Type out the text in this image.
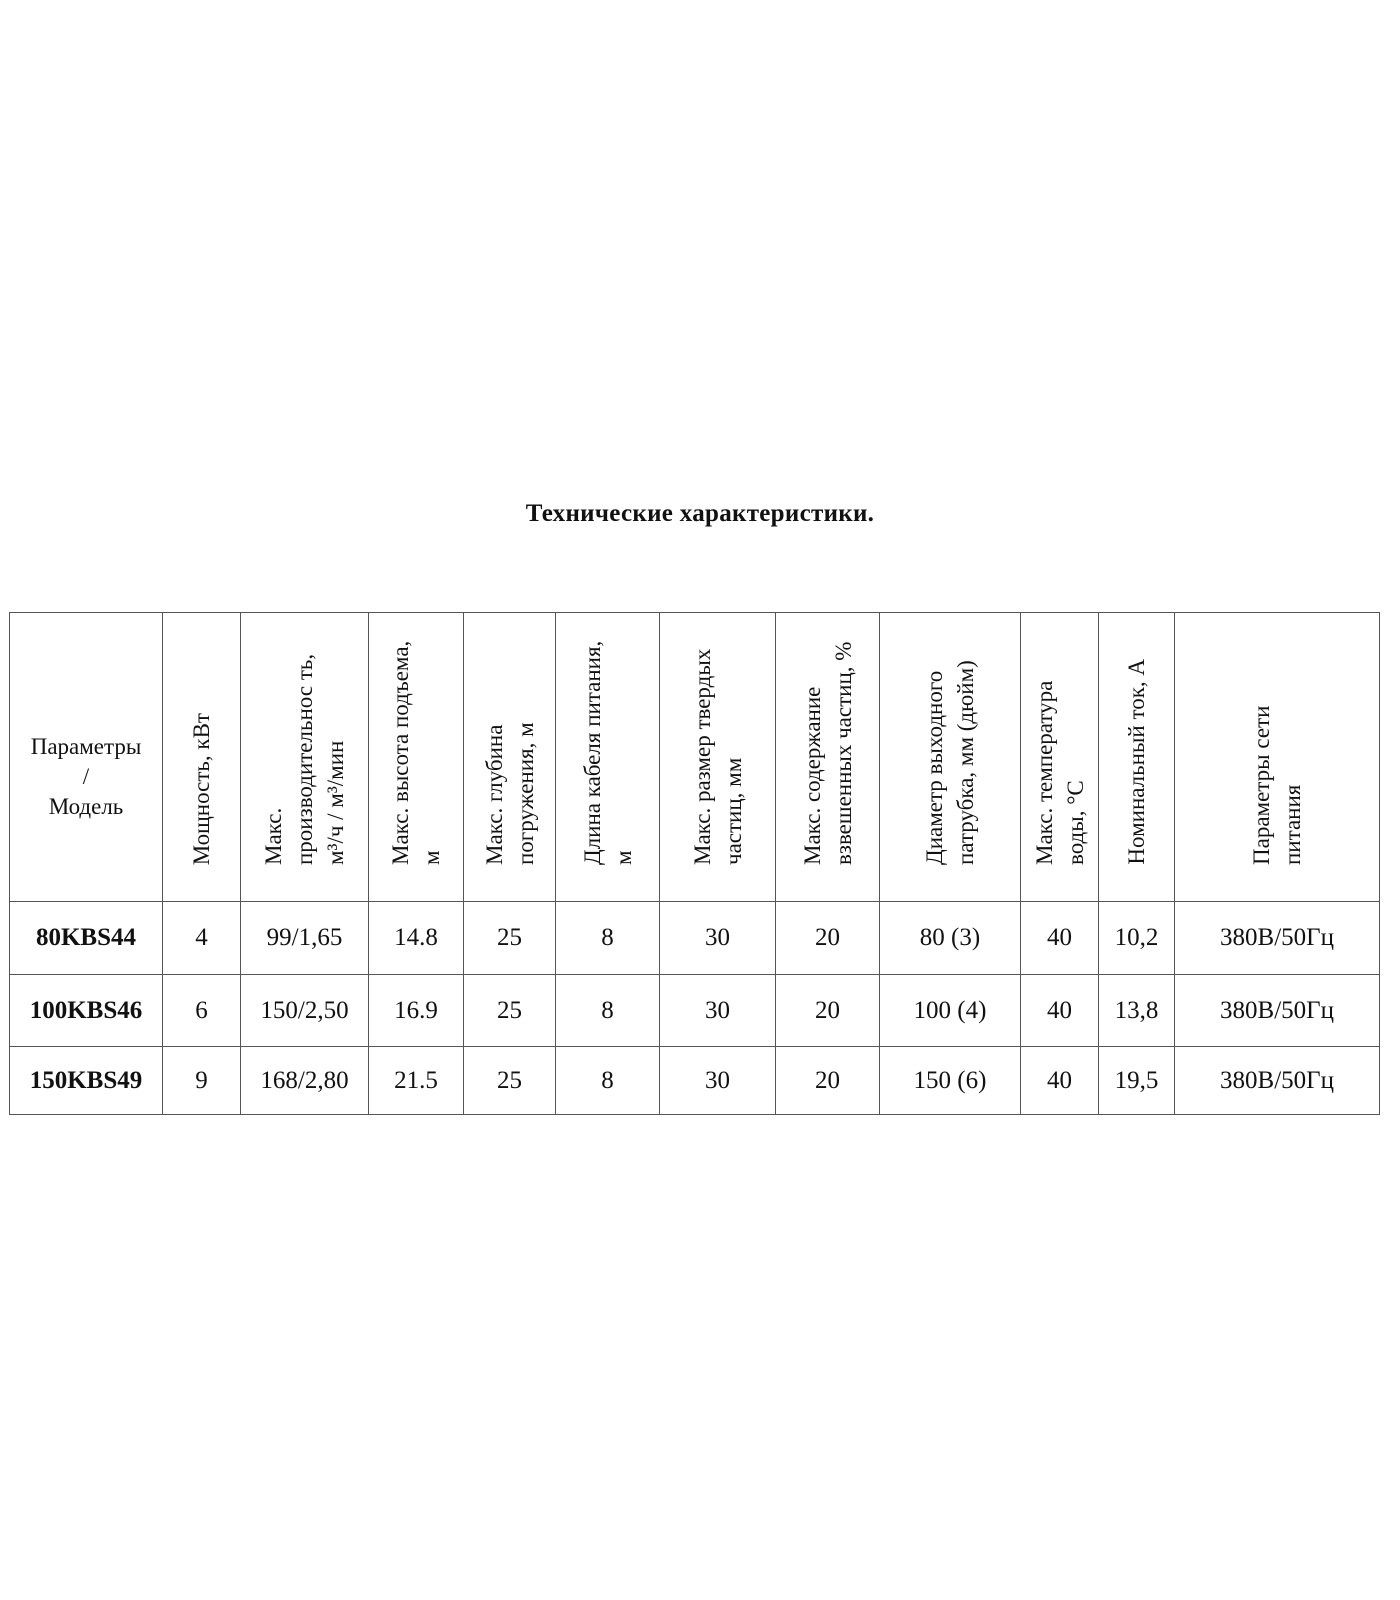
Технические характеристики.
Параметры
/
Модель	Мощность, кВт	Макс. производительнос ть, м³/ч / м³/мин	Макс. высота подъема, м	Макс. глубина погружения, м	Длина кабеля питания, м	Макс. размер твердых частиц, мм	Макс. содержание взвешенных частиц, %	Диаметр выходного патрубка, мм (дюйм)	Макс. температура воды, °С	Номинальный ток, А	Параметры сети питания

80KBS44	4	99/1,65	14.8	25	8	30	20	80 (3)	40	10,2	380В/50Гц
100KBS46	6	150/2,50	16.9	25	8	30	20	100 (4)	40	13,8	380В/50Гц
150KBS49	9	168/2,80	21.5	25	8	30	20	150 (6)	40	19,5	380В/50Гц
